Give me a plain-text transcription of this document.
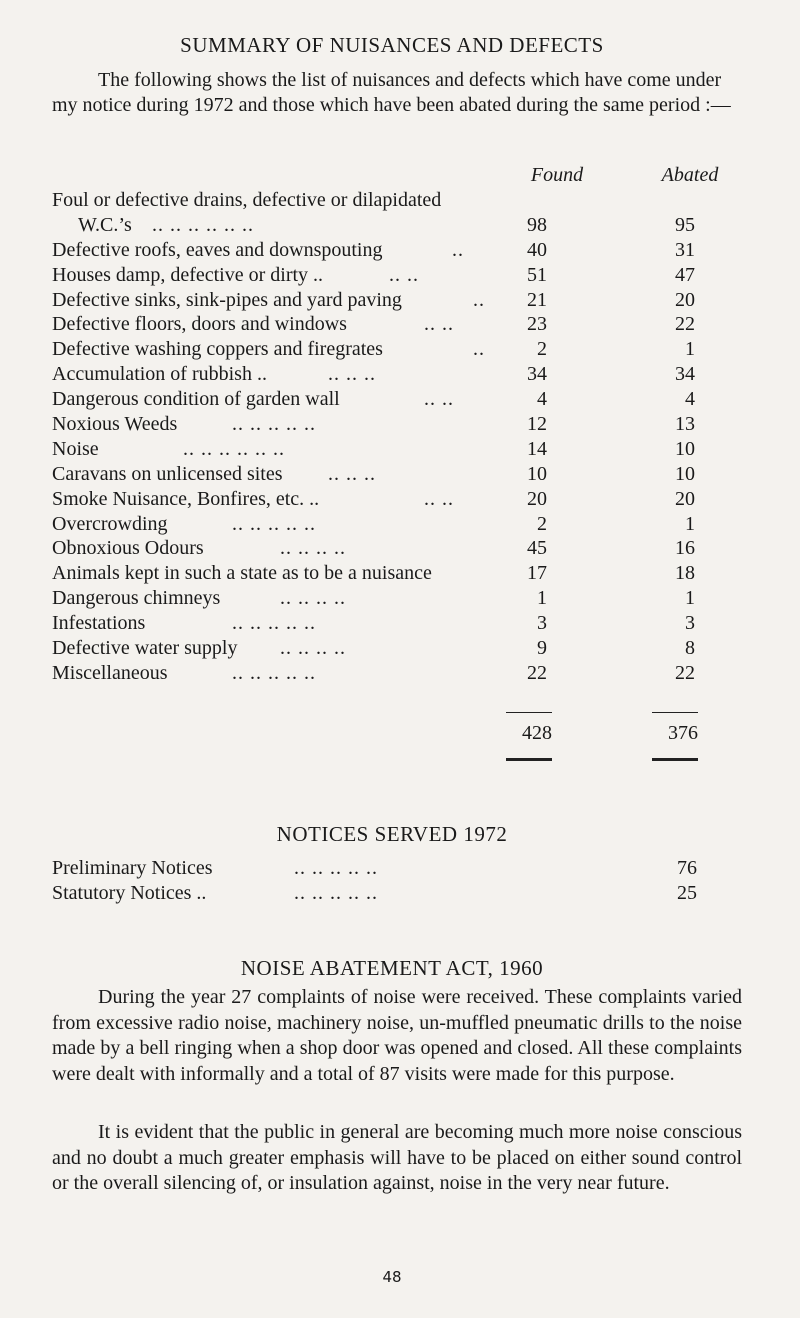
SUMMARY OF NUISANCES AND DEFECTS
The following shows the list of nuisances and defects which have come under my notice during 1972 and those which have been abated during the same period :—
Found	Abated
Foul or defective drains, defective or dilapidated
W.C.’s .. .. .. .. .. ..	98	95
Defective roofs, eaves and downspouting	..	40	31
Houses damp, defective or dirty ..	.. ..	51	47
Defective sinks, sink-pipes and yard paving	..	21	20
Defective floors, doors and windows	.. ..	23	22
Defective washing coppers and firegrates	..	2	1
Accumulation of rubbish ..	.. .. ..	34	34
Dangerous condition of garden wall	.. ..	4	4
Noxious Weeds	.. .. .. .. ..	12	13
Noise	.. .. .. .. .. ..	14	10
Caravans on unlicensed sites .. .. ..	10	10
Smoke Nuisance, Bonfires, etc. ..	.. ..	20	20
Overcrowding	.. .. .. .. ..	2	1
Obnoxious Odours	.. .. .. ..	45	16
Animals kept in such a state as to be a nuisance	17	18
Dangerous chimneys	.. .. .. ..	1	1
Infestations	.. .. .. .. ..	3	3
Defective water supply .. .. .. ..	9	8
Miscellaneous	.. .. .. .. ..	22	22
428	376
NOTICES SERVED 1972
Preliminary Notices	.. .. .. .. ..	76
Statutory Notices ..	.. .. .. .. ..	25
NOISE ABATEMENT ACT, 1960
During the year 27 complaints of noise were received. These complaints varied from excessive radio noise, machinery noise, un-muffled pneumatic drills to the noise made by a bell ringing when a shop door was opened and closed. All these complaints were dealt with informally and a total of 87 visits were made for this purpose.
It is evident that the public in general are becoming much more noise conscious and no doubt a much greater emphasis will have to be placed on either sound control or the overall silencing of, or insulation against, noise in the very near future.
48
